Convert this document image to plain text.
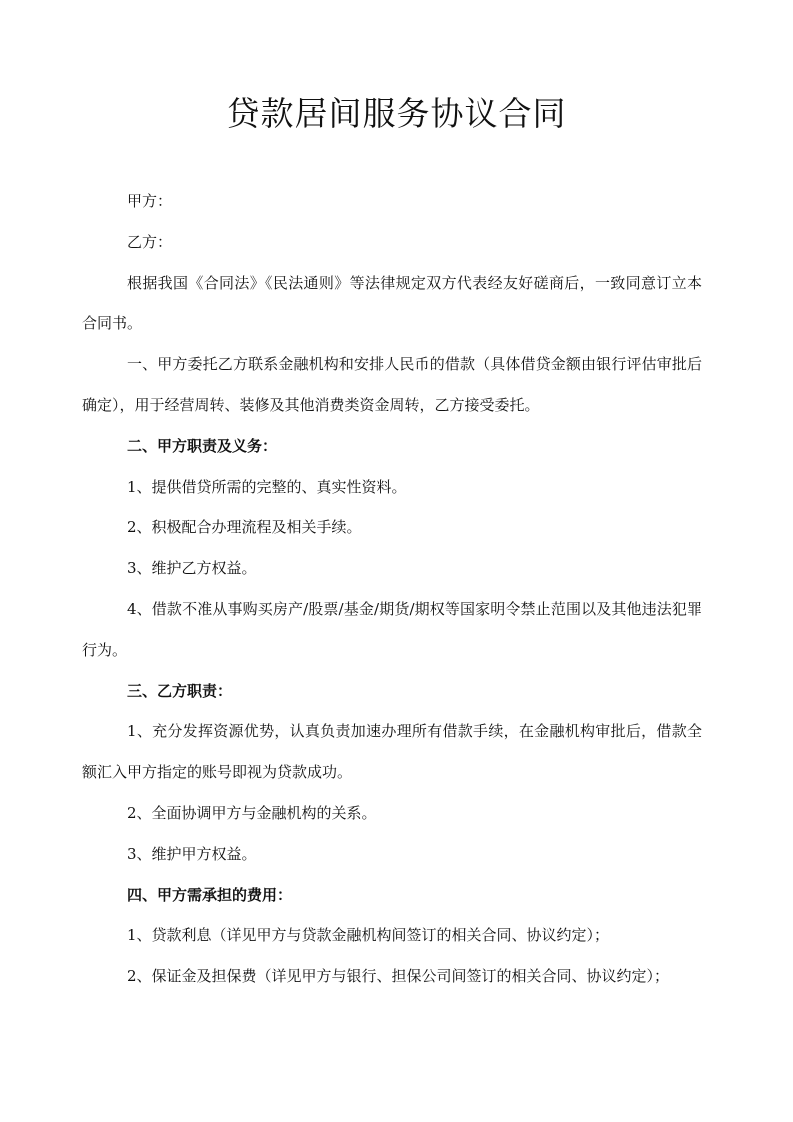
贷款居间服务协议合同

甲方：

乙方：

根据我国《合同法》《民法通则》等法律规定双方代表经友好磋商后，一致同意订立本合同书。

一、甲方委托乙方联系金融机构和安排人民币的借款（具体借贷金额由银行评估审批后确定），用于经营周转、装修及其他消费类资金周转，乙方接受委托。

二、甲方职责及义务：

1、提供借贷所需的完整的、真实性资料。

2、积极配合办理流程及相关手续。

3、维护乙方权益。

4、借款不准从事购买房产/股票/基金/期货/期权等国家明令禁止范围以及其他违法犯罪行为。

三、乙方职责：

1、充分发挥资源优势，认真负责加速办理所有借款手续，在金融机构审批后，借款全额汇入甲方指定的账号即视为贷款成功。

2、全面协调甲方与金融机构的关系。

3、维护甲方权益。

四、甲方需承担的费用：

1、贷款利息（详见甲方与贷款金融机构间签订的相关合同、协议约定）；

2、保证金及担保费（详见甲方与银行、担保公司间签订的相关合同、协议约定）；
